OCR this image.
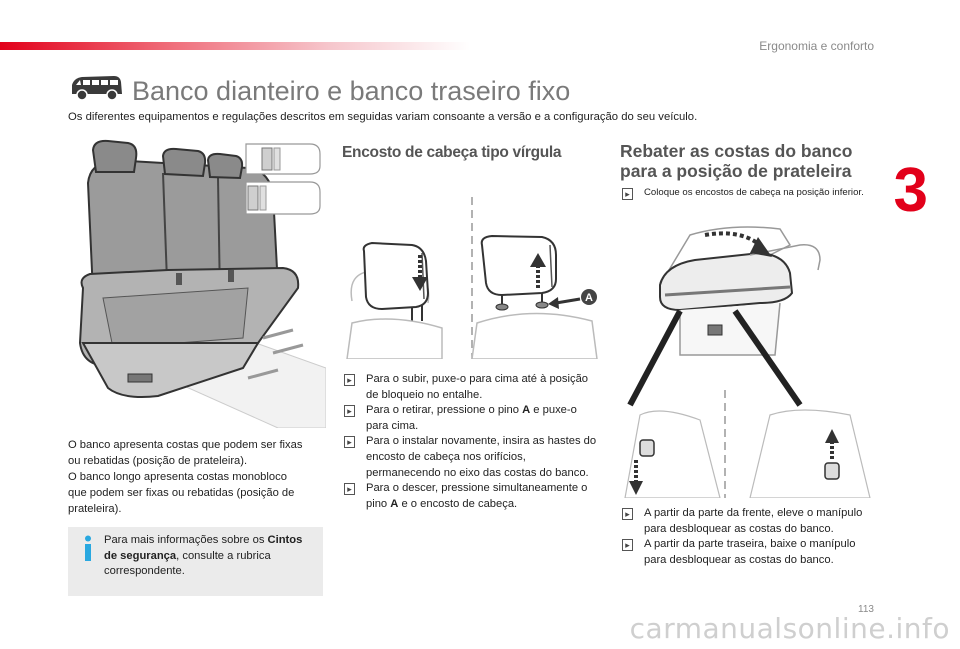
Ergonomia e conforto
3
Banco dianteiro e banco traseiro fixo
Os diferentes equipamentos e regulações descritos em seguidas variam consoante a versão e a configuração do seu veículo.
O banco apresenta costas que podem ser fixas
ou rebatidas (posição de prateleira).
O banco longo apresenta costas monobloco
que podem ser fixas ou rebatidas (posição de
prateleira).
Para mais informações sobre os Cintos de segurança, consulte a rubrica correspondente.
Encosto de cabeça tipo vírgula
A
▸ Para o subir, puxe-o para cima até à posição de bloqueio no entalhe.
▸ Para o retirar, pressione o pino A e puxe-o para cima.
▸ Para o instalar novamente, insira as hastes do encosto de cabeça nos orifícios, permanecendo no eixo das costas do banco.
▸ Para o descer, pressione simultaneamente o pino A e o encosto de cabeça.
Rebater as costas do banco
para a posição de prateleira
▸ Coloque os encostos de cabeça na posição inferior.
▸ A partir da parte da frente, eleve o manípulo para desbloquear as costas do banco.
▸ A partir da parte traseira, baixe o manípulo para desbloquear as costas do banco.
113
carmanualsonline.info
